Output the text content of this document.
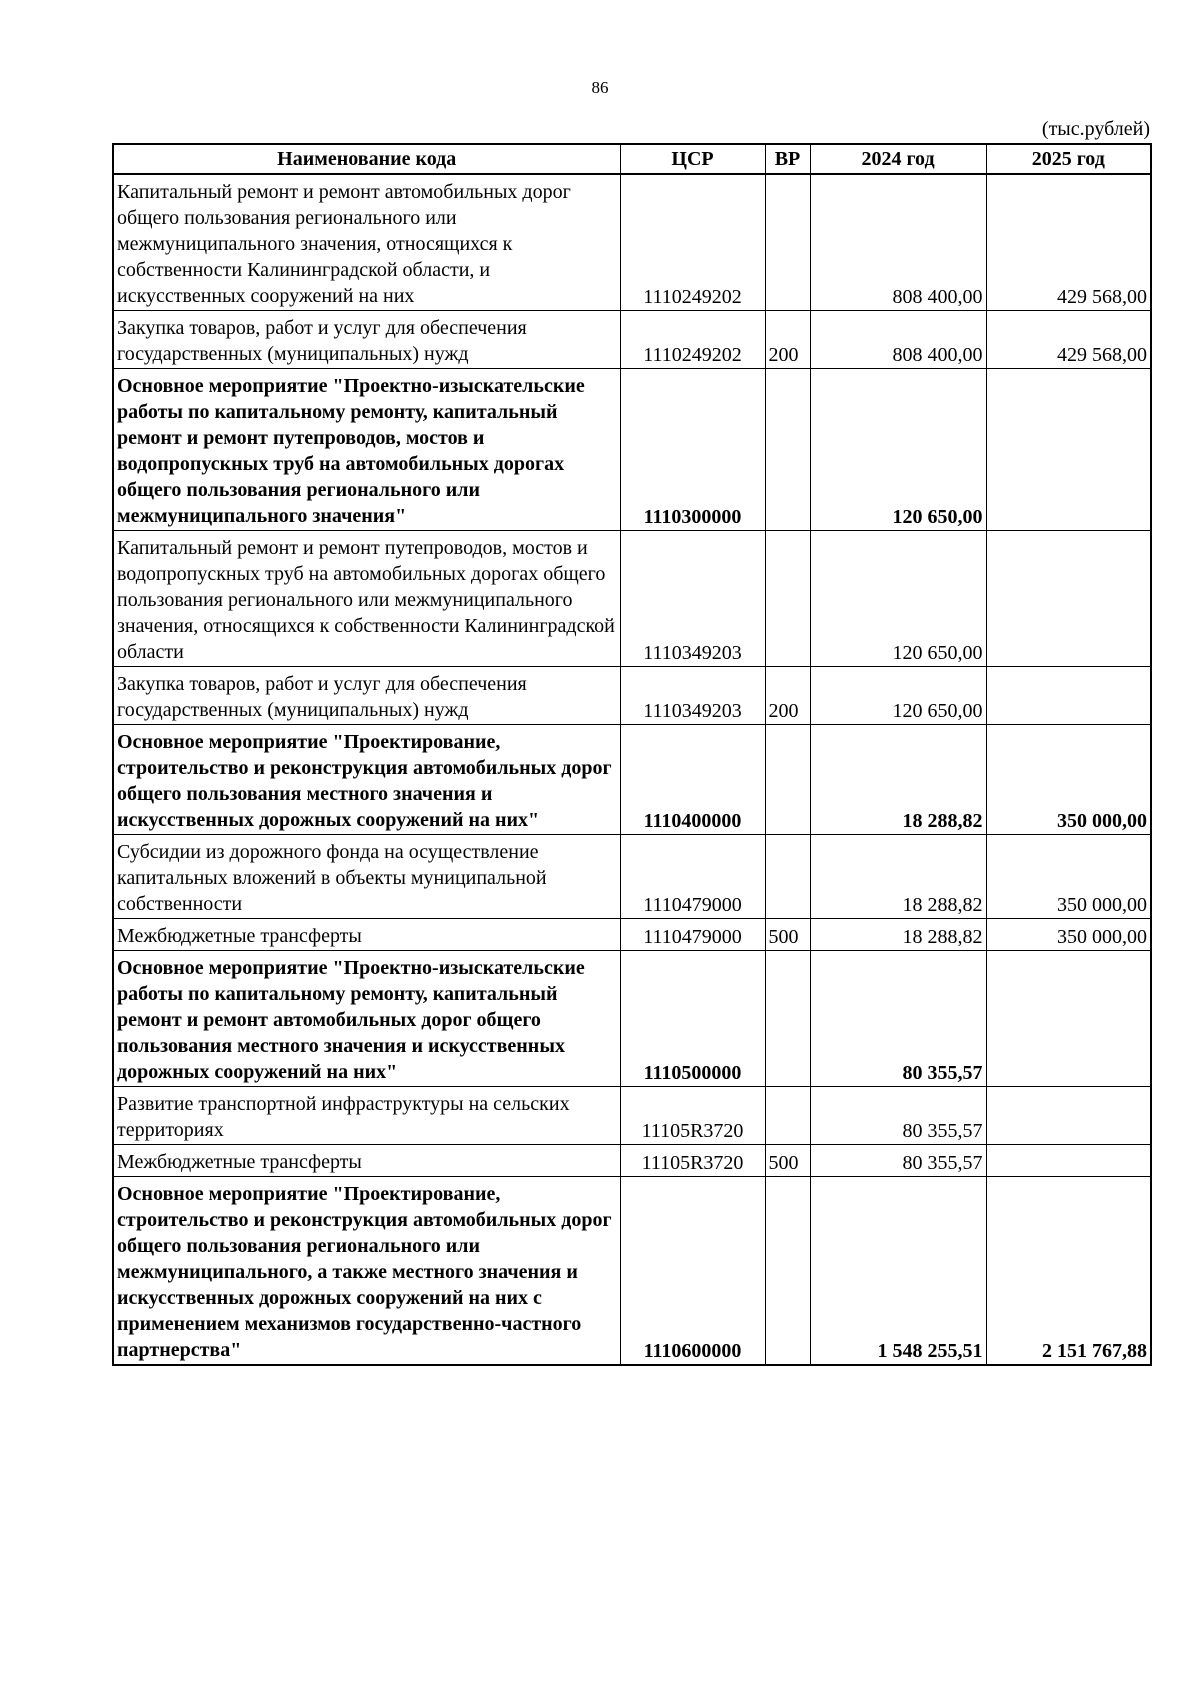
86
(тыс.рублей)
Наименование кода	ЦСР	ВР	2024 год	2025 год
Капитальный ремонт и ремонт автомобильных дорог общего пользования регионального или межмуниципального значения, относящихся к собственности Калининградской области, и искусственных сооружений на них	1110249202		808 400,00	429 568,00
Закупка товаров, работ и услуг для обеспечения государственных (муниципальных) нужд	1110249202	200	808 400,00	429 568,00
Основное мероприятие "Проектно-изыскательские работы по капитальному ремонту, капитальный ремонт и ремонт путепроводов, мостов и водопропускных труб на автомобильных дорогах общего пользования регионального или межмуниципального значения"	1110300000		120 650,00	
Капитальный ремонт и ремонт путепроводов, мостов и водопропускных труб на автомобильных дорогах общего пользования регионального или межмуниципального значения, относящихся к собственности Калининградской области	1110349203		120 650,00	
Закупка товаров, работ и услуг для обеспечения государственных (муниципальных) нужд	1110349203	200	120 650,00	
Основное мероприятие "Проектирование, строительство и реконструкция автомобильных дорог общего пользования местного значения и искусственных дорожных сооружений на них"	1110400000		18 288,82	350 000,00
Субсидии из дорожного фонда на осуществление капитальных вложений в объекты муниципальной собственности	1110479000		18 288,82	350 000,00
Межбюджетные трансферты	1110479000	500	18 288,82	350 000,00
Основное мероприятие "Проектно-изыскательские работы по капитальному ремонту, капитальный ремонт и ремонт автомобильных дорог общего пользования местного значения и искусственных дорожных сооружений на них"	1110500000		80 355,57	
Развитие транспортной инфраструктуры на сельских территориях	11105R3720		80 355,57	
Межбюджетные трансферты	11105R3720	500	80 355,57	
Основное мероприятие "Проектирование, строительство и реконструкция автомобильных дорог общего пользования регионального или межмуниципального, а также местного значения и искусственных дорожных сооружений на них с применением механизмов государственно-частного партнерства"	1110600000		1 548 255,51	2 151 767,88
